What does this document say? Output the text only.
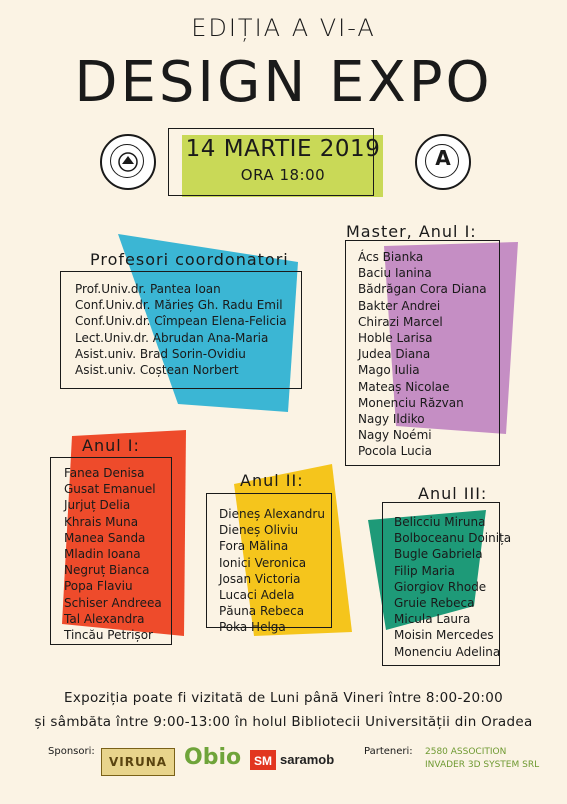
EDIȚIA A VI-A
DESIGN EXPO
14 MARTIE 2019
ORA 18:00
A
Profesori coordonatori
Prof.Univ.dr. Pantea Ioan
Conf.Univ.dr. Mărieș Gh. Radu Emil
Conf.Univ.dr. Cîmpean Elena-Felicia
Lect.Univ.dr. Abrudan Ana-Maria
Asist.univ. Brad Sorin-Ovidiu
Asist.univ. Coștean Norbert
Master, Anul I:
Ács Bianka
Baciu Ianina
Bădrăgan Cora Diana
Bakter Andrei
Chirazi Marcel
Hoble Larisa
Judea Diana
Mago Iulia
Mateaș Nicolae
Monenciu Răzvan
Nagy Ildiko
Nagy Noémi
Pocola Lucia
Anul I:
Fanea Denisa
Gusat Emanuel
Jurjuț Delia
Khrais Muna
Manea Sanda
Mladin Ioana
Negruț Bianca
Popa Flaviu
Schiser Andreea
Tal Alexandra
Tincău Petrișor
Anul II:
Dieneș Alexandru
Dieneș Oliviu
Fora Mălina
Ionici Veronica
Josan Victoria
Lucaci Adela
Păuna Rebeca
Poka Helga
Anul III:
Belicciu Miruna
Bolboceanu Doinița
Bugle Gabriela
Filip Maria
Giorgiov Rhode
Gruie Rebeca
Micula Laura
Moisin Mercedes
Monenciu Adelina
Expoziția poate fi vizitată de Luni până Vineri între 8:00-20:00
și sâmbăta între 9:00-13:00 în holul Bibliotecii Universității din Oradea
Sponsori:
VIRUNA Obio SM saramob
Parteneri: 2580 ASSOCITION
INVADER 3D SYSTEM SRL
